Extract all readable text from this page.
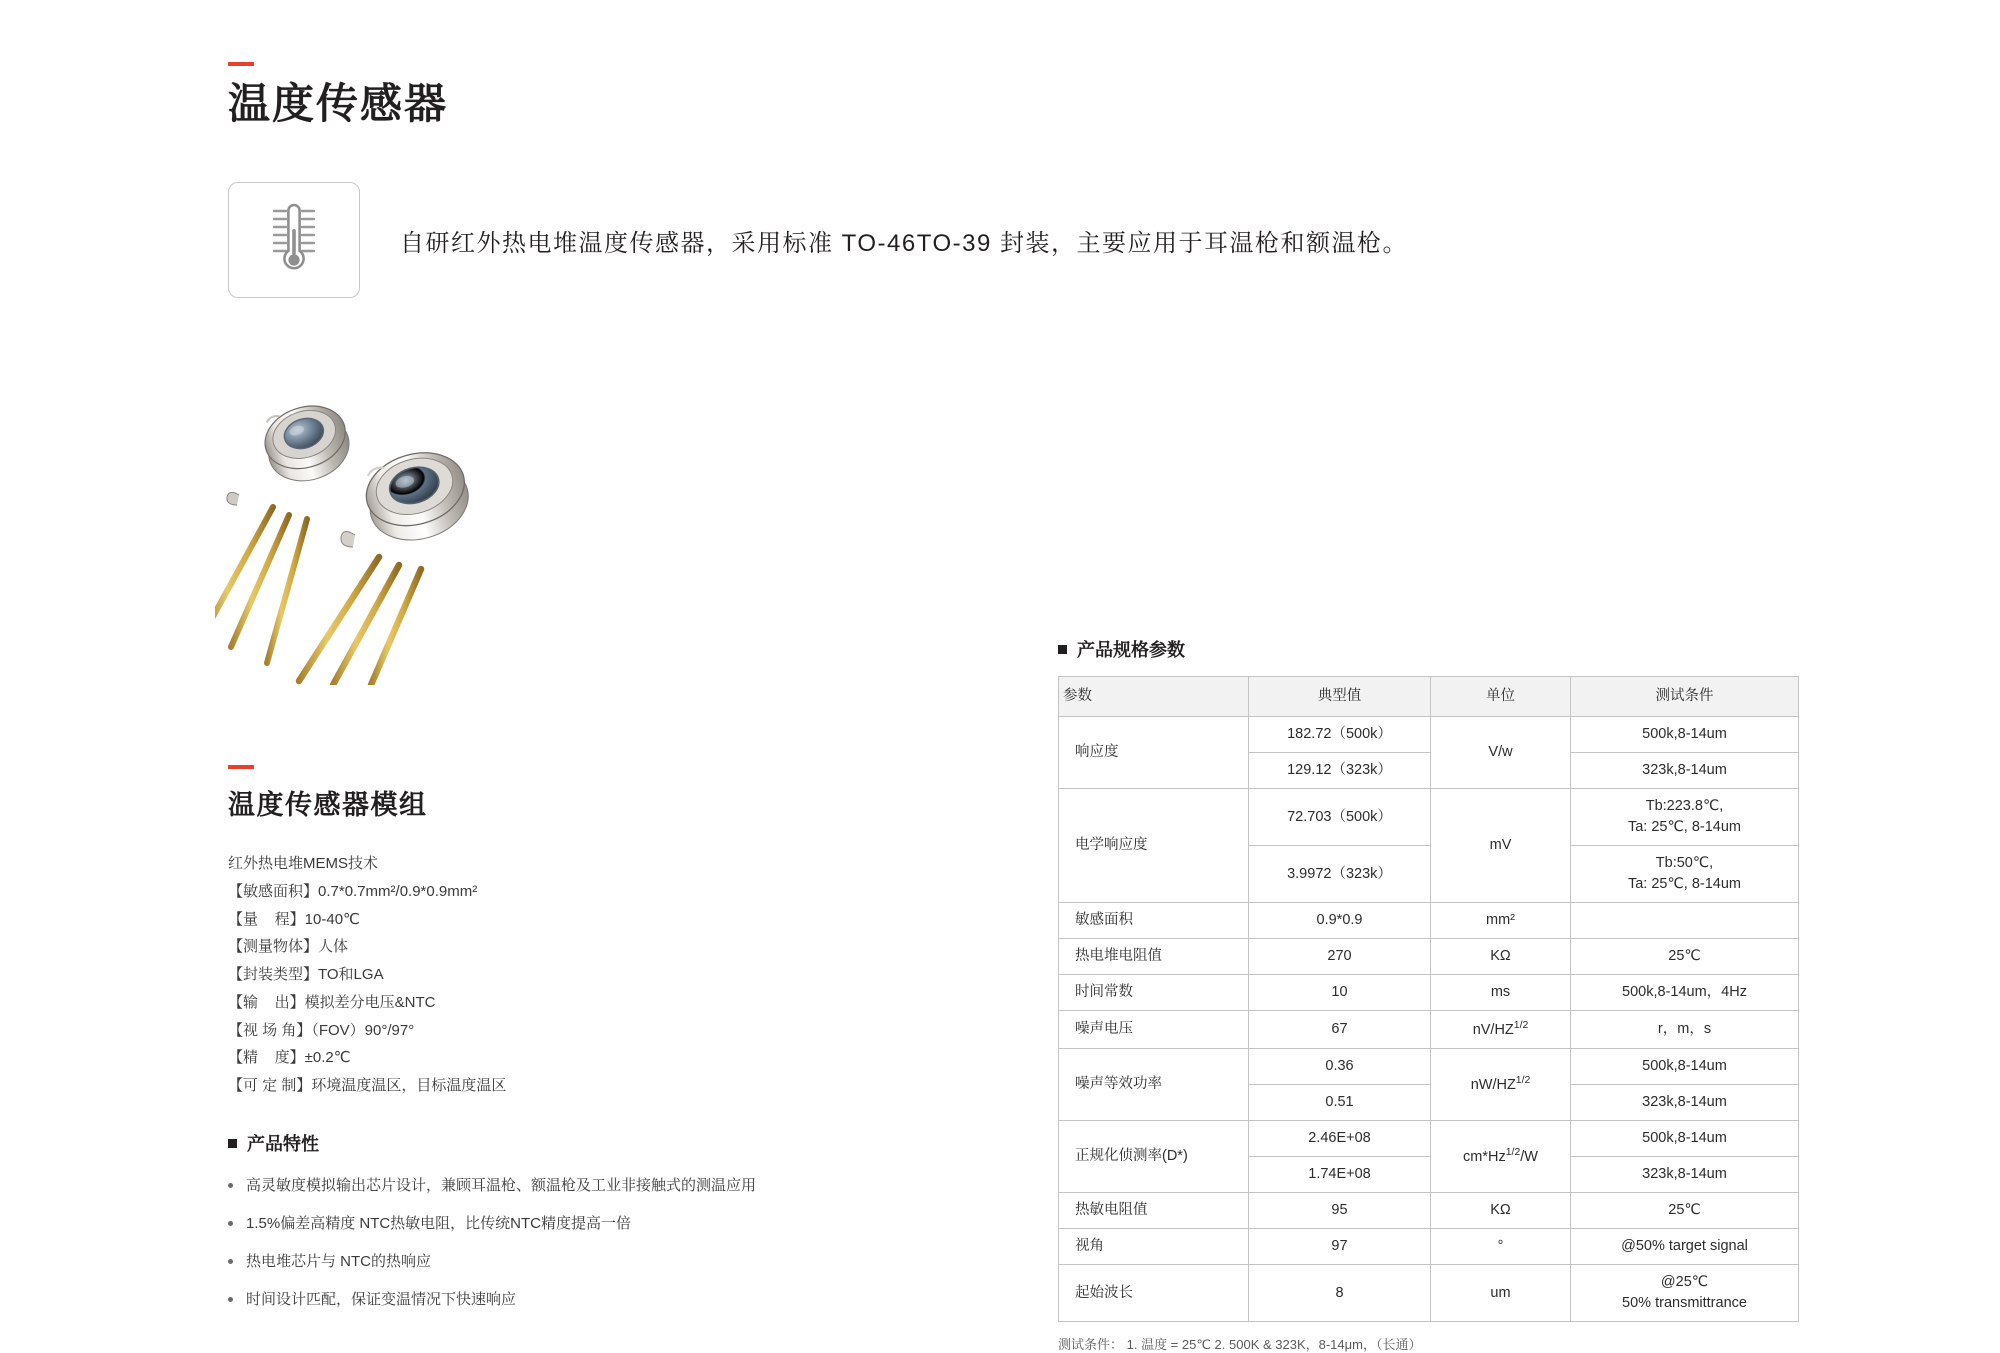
温度传感器
自研红外热电堆温度传感器，采用标准 TO-46TO-39 封装，主要应用于耳温枪和额温枪。
温度传感器模组
红外热电堆MEMS技术
【敏感面积】0.7*0.7mm²/0.9*0.9mm²
【量    程】10-40℃
【测量物体】人体
【封装类型】TO和LGA
【输    出】模拟差分电压&NTC
【视 场 角】（FOV）90°/97°
【精    度】±0.2℃
【可 定 制】环境温度温区，目标温度温区
产品特性
高灵敏度模拟输出芯片设计，兼顾耳温枪、额温枪及工业非接触式的测温应用
1.5%偏差高精度 NTC热敏电阻，比传统NTC精度提高一倍
热电堆芯片与 NTC的热响应
时间设计匹配，保证变温情况下快速响应
产品规格参数
参数	典型值	单位	测试条件
响应度	182.72（500k）	V/w	500k,8-14um
	129.12（323k）		323k,8-14um
电学响应度	72.703（500k）	mV	Tb:223.8℃,
Ta: 25℃, 8-14um
	3.9972（323k）		Tb:50℃,
Ta: 25℃, 8-14um
敏感面积	0.9*0.9	mm²	
热电堆电阻值	270	KΩ	25℃
时间常数	10	ms	500k,8-14um，4Hz
噪声电压	67	$nV/HZ^{1/2}$	r，m，s
噪声等效功率	0.36	$nW/HZ^{1/2}$	500k,8-14um
	0.51		323k,8-14um
正规化侦测率(D*)	2.46E+08	$cm*Hz^{1/2}/W$	500k,8-14um
	1.74E+08		323k,8-14um
热敏电阻值	95	KΩ	25℃
视角	97	°	@50% target signal
起始波长	8	um	@25℃
50% transmittrance
测试条件： 1. 温度 = 25℃ 2. 500K & 323K，8-14μm，（长通）
